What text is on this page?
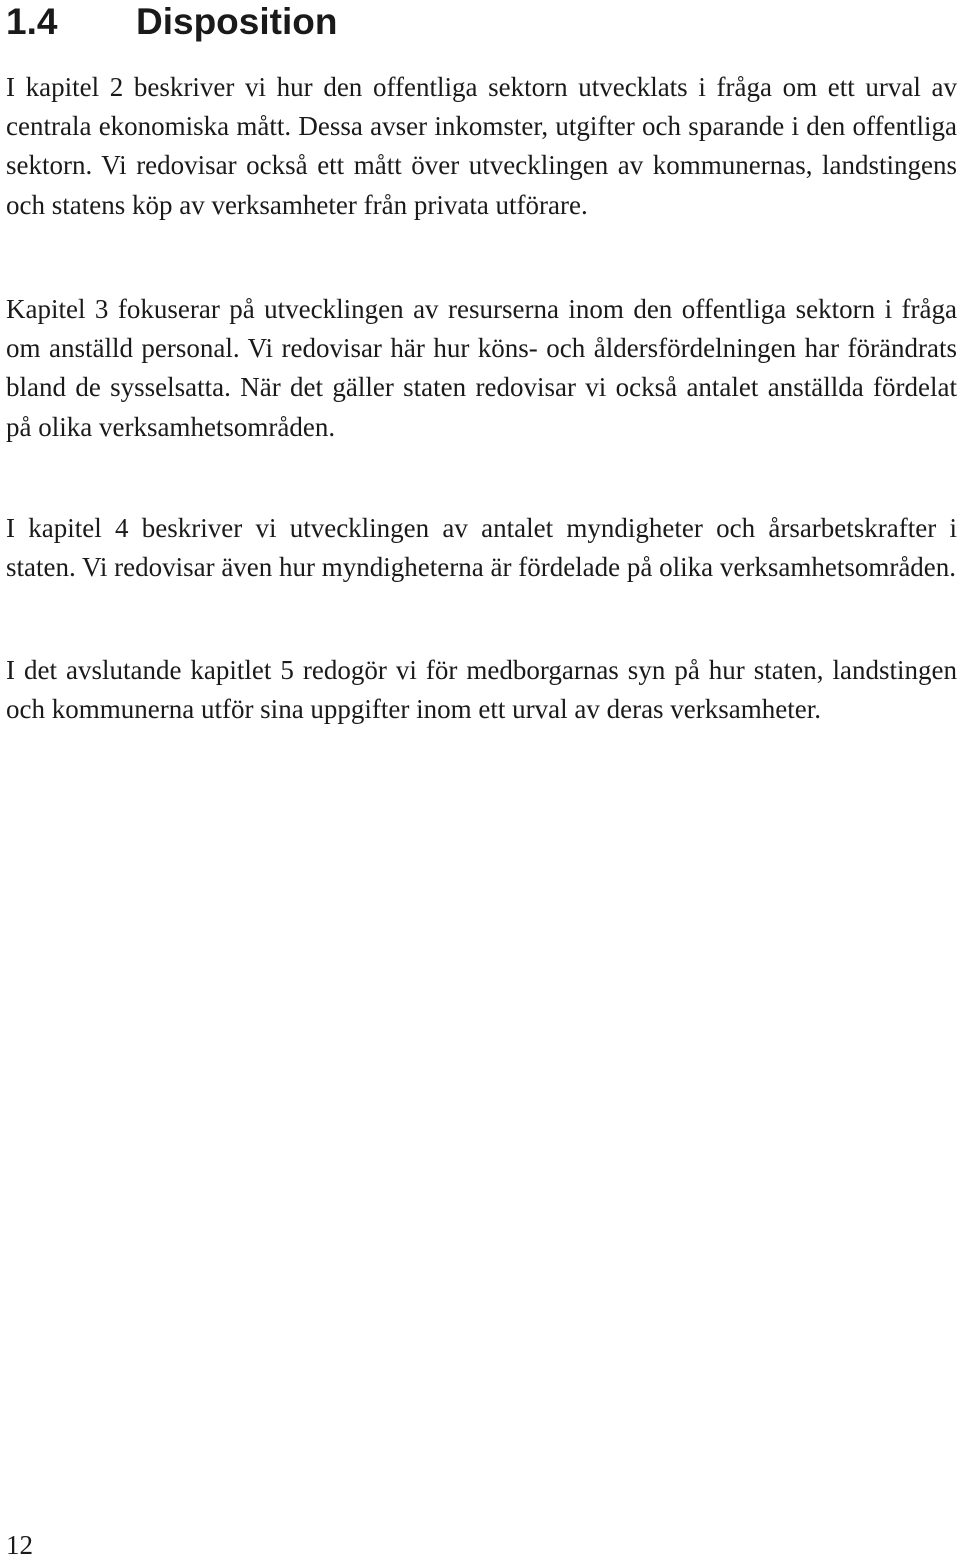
1.4 Disposition

I kapitel 2 beskriver vi hur den offentliga sektorn utvecklats i fråga om ett urval av centrala ekonomiska mått. Dessa avser inkomster, utgifter och sparande i den offentliga sektorn. Vi redovisar också ett mått över utvecklingen av kommunernas, landstingens och statens köp av verksamheter från privata utförare.

Kapitel 3 fokuserar på utvecklingen av resurserna inom den offentliga sektorn i fråga om anställd personal. Vi redovisar här hur köns- och åldersfördelningen har förändrats bland de sysselsatta. När det gäller staten redovisar vi också antalet anställda fördelat på olika verksamhetsområden.

I kapitel 4 beskriver vi utvecklingen av antalet myndigheter och årsarbetskrafter i staten. Vi redovisar även hur myndigheterna är fördelade på olika verksamhetsområden.

I det avslutande kapitlet 5 redogör vi för medborgarnas syn på hur staten, landstingen och kommunerna utför sina uppgifter inom ett urval av deras verksamheter.

12
